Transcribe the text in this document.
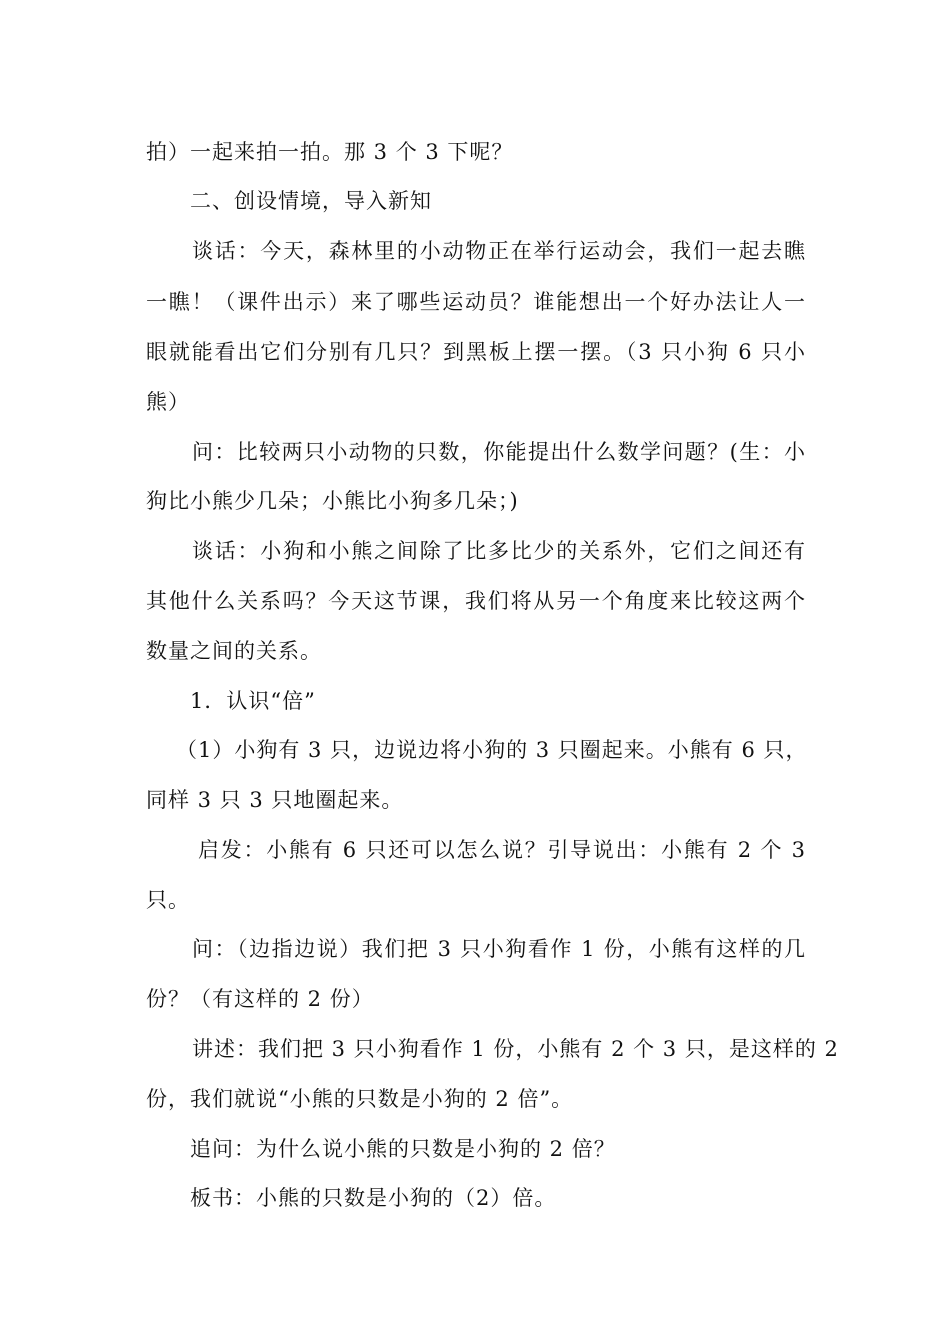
拍）一起来拍一拍。那 3 个 3 下呢？
二、创设情境，导入新知
谈话：今天，森林里的小动物正在举行运动会，我们一起去瞧
一瞧！（课件出示）来了哪些运动员？谁能想出一个好办法让人一
眼就能看出它们分别有几只？到黑板上摆一摆。（3 只小狗 6 只小
熊）
问：比较两只小动物的只数，你能提出什么数学问题？(生：小
狗比小熊少几朵；小熊比小狗多几朵；)
谈话：小狗和小熊之间除了比多比少的关系外，它们之间还有
其他什么关系吗？今天这节课，我们将从另一个角度来比较这两个
数量之间的关系。
1．认识“倍”
（1）小狗有 3 只，边说边将小狗的 3 只圈起来。小熊有 6 只，
同样 3 只 3 只地圈起来。
启发：小熊有 6 只还可以怎么说？引导说出：小熊有 2 个 3
只。
问：（边指边说）我们把 3 只小狗看作 1 份，小熊有这样的几
份？（有这样的 2 份）
讲述：我们把 3 只小狗看作 1 份，小熊有 2 个 3 只，是这样的 2
份，我们就说“小熊的只数是小狗的 2 倍”。
追问：为什么说小熊的只数是小狗的 2 倍？
板书：小熊的只数是小狗的（2）倍。
